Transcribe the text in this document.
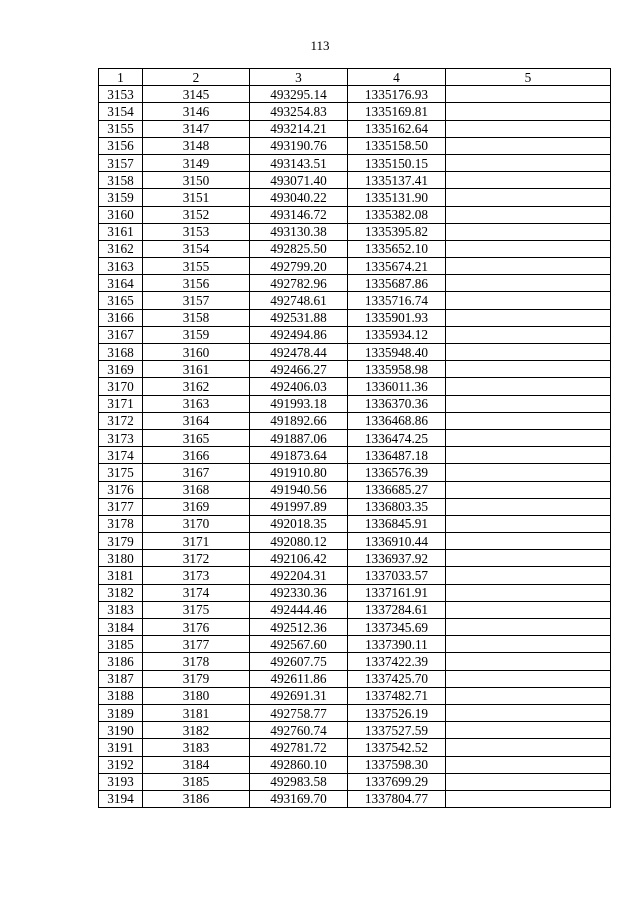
113
1	2	3	4	5
3153	3145	493295.14	1335176.93	
3154	3146	493254.83	1335169.81	
3155	3147	493214.21	1335162.64	
3156	3148	493190.76	1335158.50	
3157	3149	493143.51	1335150.15	
3158	3150	493071.40	1335137.41	
3159	3151	493040.22	1335131.90	
3160	3152	493146.72	1335382.08	
3161	3153	493130.38	1335395.82	
3162	3154	492825.50	1335652.10	
3163	3155	492799.20	1335674.21	
3164	3156	492782.96	1335687.86	
3165	3157	492748.61	1335716.74	
3166	3158	492531.88	1335901.93	
3167	3159	492494.86	1335934.12	
3168	3160	492478.44	1335948.40	
3169	3161	492466.27	1335958.98	
3170	3162	492406.03	1336011.36	
3171	3163	491993.18	1336370.36	
3172	3164	491892.66	1336468.86	
3173	3165	491887.06	1336474.25	
3174	3166	491873.64	1336487.18	
3175	3167	491910.80	1336576.39	
3176	3168	491940.56	1336685.27	
3177	3169	491997.89	1336803.35	
3178	3170	492018.35	1336845.91	
3179	3171	492080.12	1336910.44	
3180	3172	492106.42	1336937.92	
3181	3173	492204.31	1337033.57	
3182	3174	492330.36	1337161.91	
3183	3175	492444.46	1337284.61	
3184	3176	492512.36	1337345.69	
3185	3177	492567.60	1337390.11	
3186	3178	492607.75	1337422.39	
3187	3179	492611.86	1337425.70	
3188	3180	492691.31	1337482.71	
3189	3181	492758.77	1337526.19	
3190	3182	492760.74	1337527.59	
3191	3183	492781.72	1337542.52	
3192	3184	492860.10	1337598.30	
3193	3185	492983.58	1337699.29	
3194	3186	493169.70	1337804.77	
